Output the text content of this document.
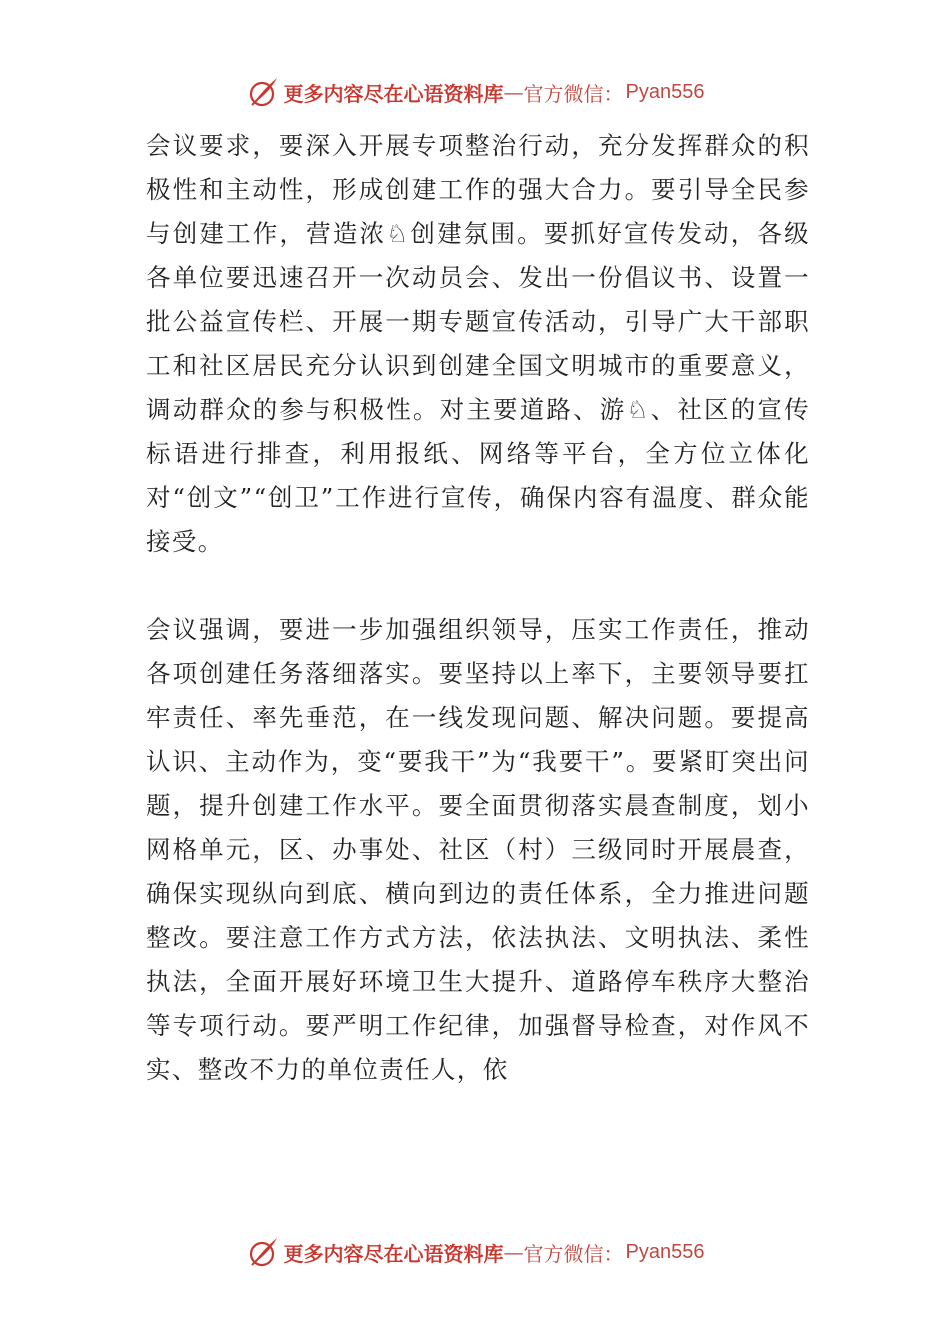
更多内容尽在心语资料库 — 官方微信： Pyan556

会议要求，要深入开展专项整治行动，充分发挥群众的积极性和主动性，形成创建工作的强大合力。要引导全民参与创建工作，营造浓♘创建氛围。要抓好宣传发动，各级各单位要迅速召开一次动员会、发出一份倡议书、设置一批公益宣传栏、开展一期专题宣传活动，引导广大干部职工和社区居民充分认识到创建全国文明城市的重要意义，调动群众的参与积极性。对主要道路、游♘、社区的宣传标语进行排查，利用报纸、网络等平台，全方位立体化对“创文”“创卫”工作进行宣传，确保内容有温度、群众能接受。

会议强调，要进一步加强组织领导，压实工作责任，推动各项创建任务落细落实。要坚持以上率下，主要领导要扛牢责任、率先垂范，在一线发现问题、解决问题。要提高认识、主动作为，变“要我干”为“我要干”。要紧盯突出问题，提升创建工作水平。要全面贯彻落实晨查制度，划小网格单元，区、办事处、社区（村）三级同时开展晨查，确保实现纵向到底、横向到边的责任体系，全力推进问题整改。要注意工作方式方法，依法执法、文明执法、柔性执法，全面开展好环境卫生大提升、道路停车秩序大整治等专项行动。要严明工作纪律，加强督导检查，对作风不实、整改不力的单位责任人，依

更多内容尽在心语资料库 — 官方微信： Pyan556
